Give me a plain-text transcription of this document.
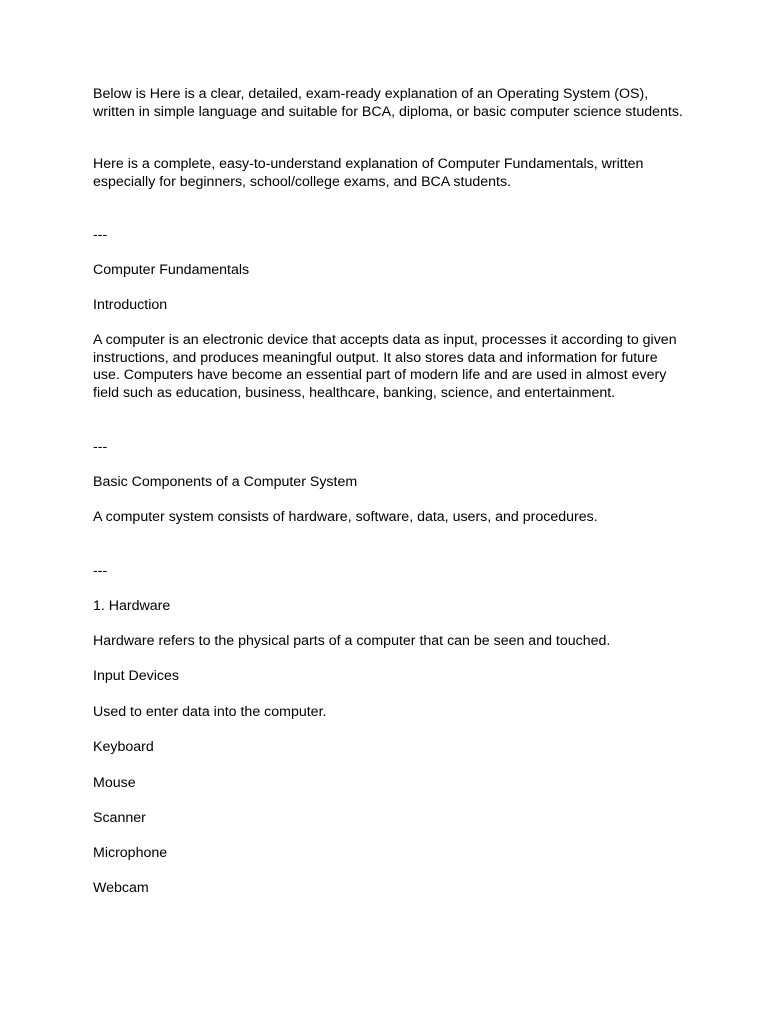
Below is Here is a clear, detailed, exam-ready explanation of an Operating System (OS), written in simple language and suitable for BCA, diploma, or basic computer science students.

Here is a complete, easy-to-understand explanation of Computer Fundamentals, written especially for beginners, school/college exams, and BCA students.

---

Computer Fundamentals

Introduction

A computer is an electronic device that accepts data as input, processes it according to given instructions, and produces meaningful output. It also stores data and information for future use. Computers have become an essential part of modern life and are used in almost every field such as education, business, healthcare, banking, science, and entertainment.

---

Basic Components of a Computer System

A computer system consists of hardware, software, data, users, and procedures.

---

1. Hardware

Hardware refers to the physical parts of a computer that can be seen and touched.

Input Devices

Used to enter data into the computer.

Keyboard

Mouse

Scanner

Microphone

Webcam
